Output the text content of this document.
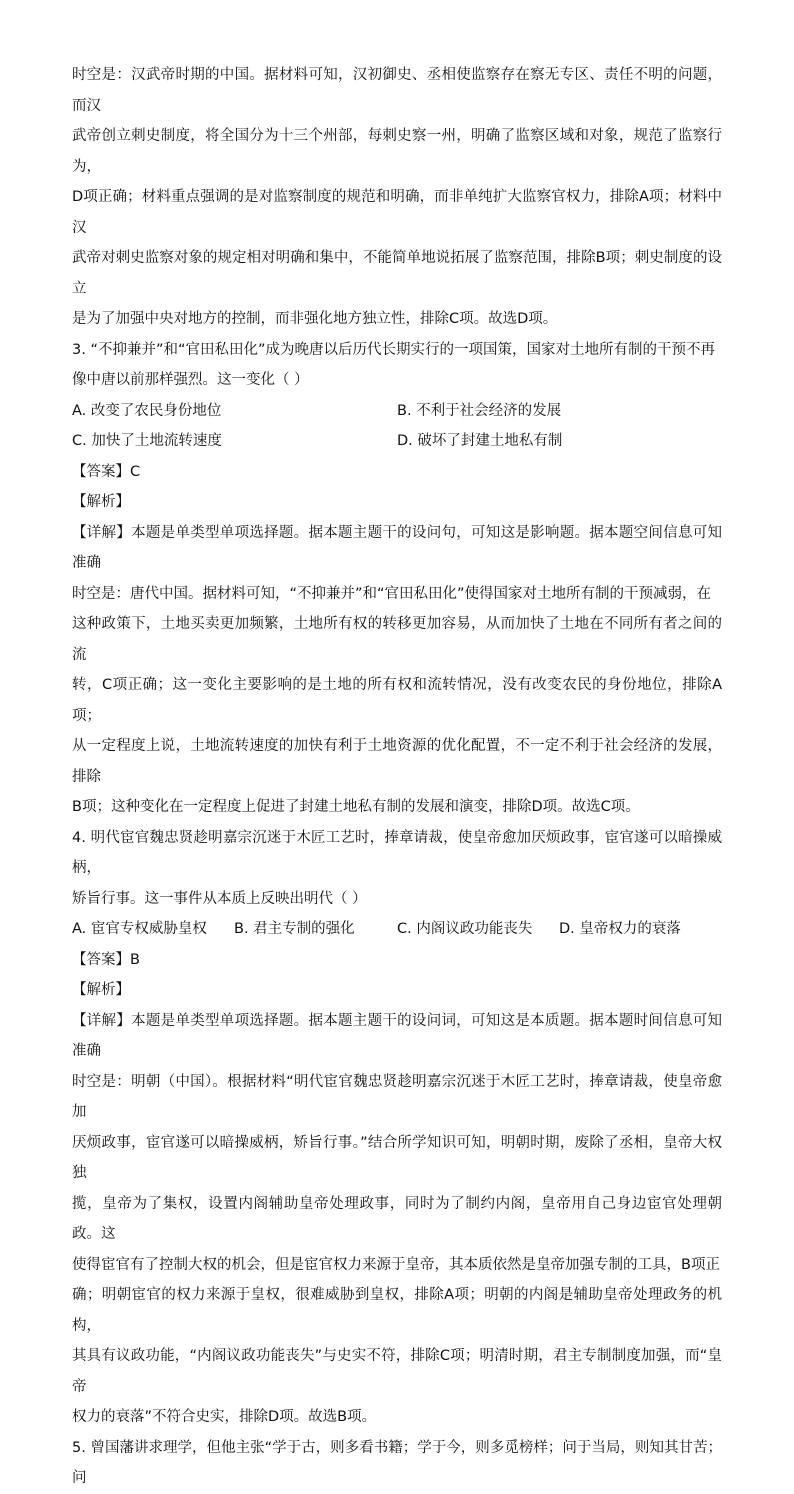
时空是：汉武帝时期的中国。据材料可知，汉初御史、丞相使监察存在察无专区、责任不明的问题，而汉

武帝创立刺史制度，将全国分为十三个州部，每刺史察一州，明确了监察区域和对象，规范了监察行为，

D项正确；材料重点强调的是对监察制度的规范和明确，而非单纯扩大监察官权力，排除A项；材料中汉

武帝对刺史监察对象的规定相对明确和集中，不能简单地说拓展了监察范围，排除B项；刺史制度的设立

是为了加强中央对地方的控制，而非强化地方独立性，排除C项。故选D项。

3. “不抑兼并”和“官田私田化”成为晚唐以后历代长期实行的一项国策，国家对土地所有制的干预不再

像中唐以前那样强烈。这一变化（ ）

A. 改变了农民身份地位	B. 不利于社会经济的发展
C. 加快了土地流转速度	D. 破坏了封建土地私有制

【答案】C

【解析】

【详解】本题是单类型单项选择题。据本题主题干的设问句，可知这是影响题。据本题空间信息可知准确

时空是：唐代中国。据材料可知，“不抑兼并”和“官田私田化”使得国家对土地所有制的干预减弱，在

这种政策下，土地买卖更加频繁，土地所有权的转移更加容易，从而加快了土地在不同所有者之间的流

转，C项正确；这一变化主要影响的是土地的所有权和流转情况，没有改变农民的身份地位，排除A项；

从一定程度上说，土地流转速度的加快有利于土地资源的优化配置，不一定不利于社会经济的发展，排除

B项；这种变化在一定程度上促进了封建土地私有制的发展和演变，排除D项。故选C项。

4. 明代宦官魏忠贤趁明嘉宗沉迷于木匠工艺时，捧章请裁，使皇帝愈加厌烦政事，宦官遂可以暗操威柄，

矫旨行事。这一事件从本质上反映出明代（ ）

A. 宦官专权威胁皇权	B. 君主专制的强化	C. 内阁议政功能丧失	D. 皇帝权力的衰落

【答案】B

【解析】

【详解】本题是单类型单项选择题。据本题主题干的设问词，可知这是本质题。据本题时间信息可知准确

时空是：明朝（中国）。根据材料“明代宦官魏忠贤趁明嘉宗沉迷于木匠工艺时，捧章请裁，使皇帝愈加

厌烦政事，宦官遂可以暗操威柄，矫旨行事。”结合所学知识可知，明朝时期，废除了丞相，皇帝大权独

揽，皇帝为了集权，设置内阁辅助皇帝处理政事，同时为了制约内阁，皇帝用自己身边宦官处理朝政。这

使得宦官有了控制大权的机会，但是宦官权力来源于皇帝，其本质依然是皇帝加强专制的工具，B项正

确；明朝宦官的权力来源于皇权，很难威胁到皇权，排除A项；明朝的内阁是辅助皇帝处理政务的机构，

其具有议政功能，“内阁议政功能丧失”与史实不符，排除C项；明清时期，君主专制制度加强，而“皇帝

权力的衰落”不符合史实，排除D项。故选B项。

5. 曾国藩讲求理学，但他主张“学于古，则多看书籍；学于今，则多觅榜样；问于当局，则知其甘苦；问
